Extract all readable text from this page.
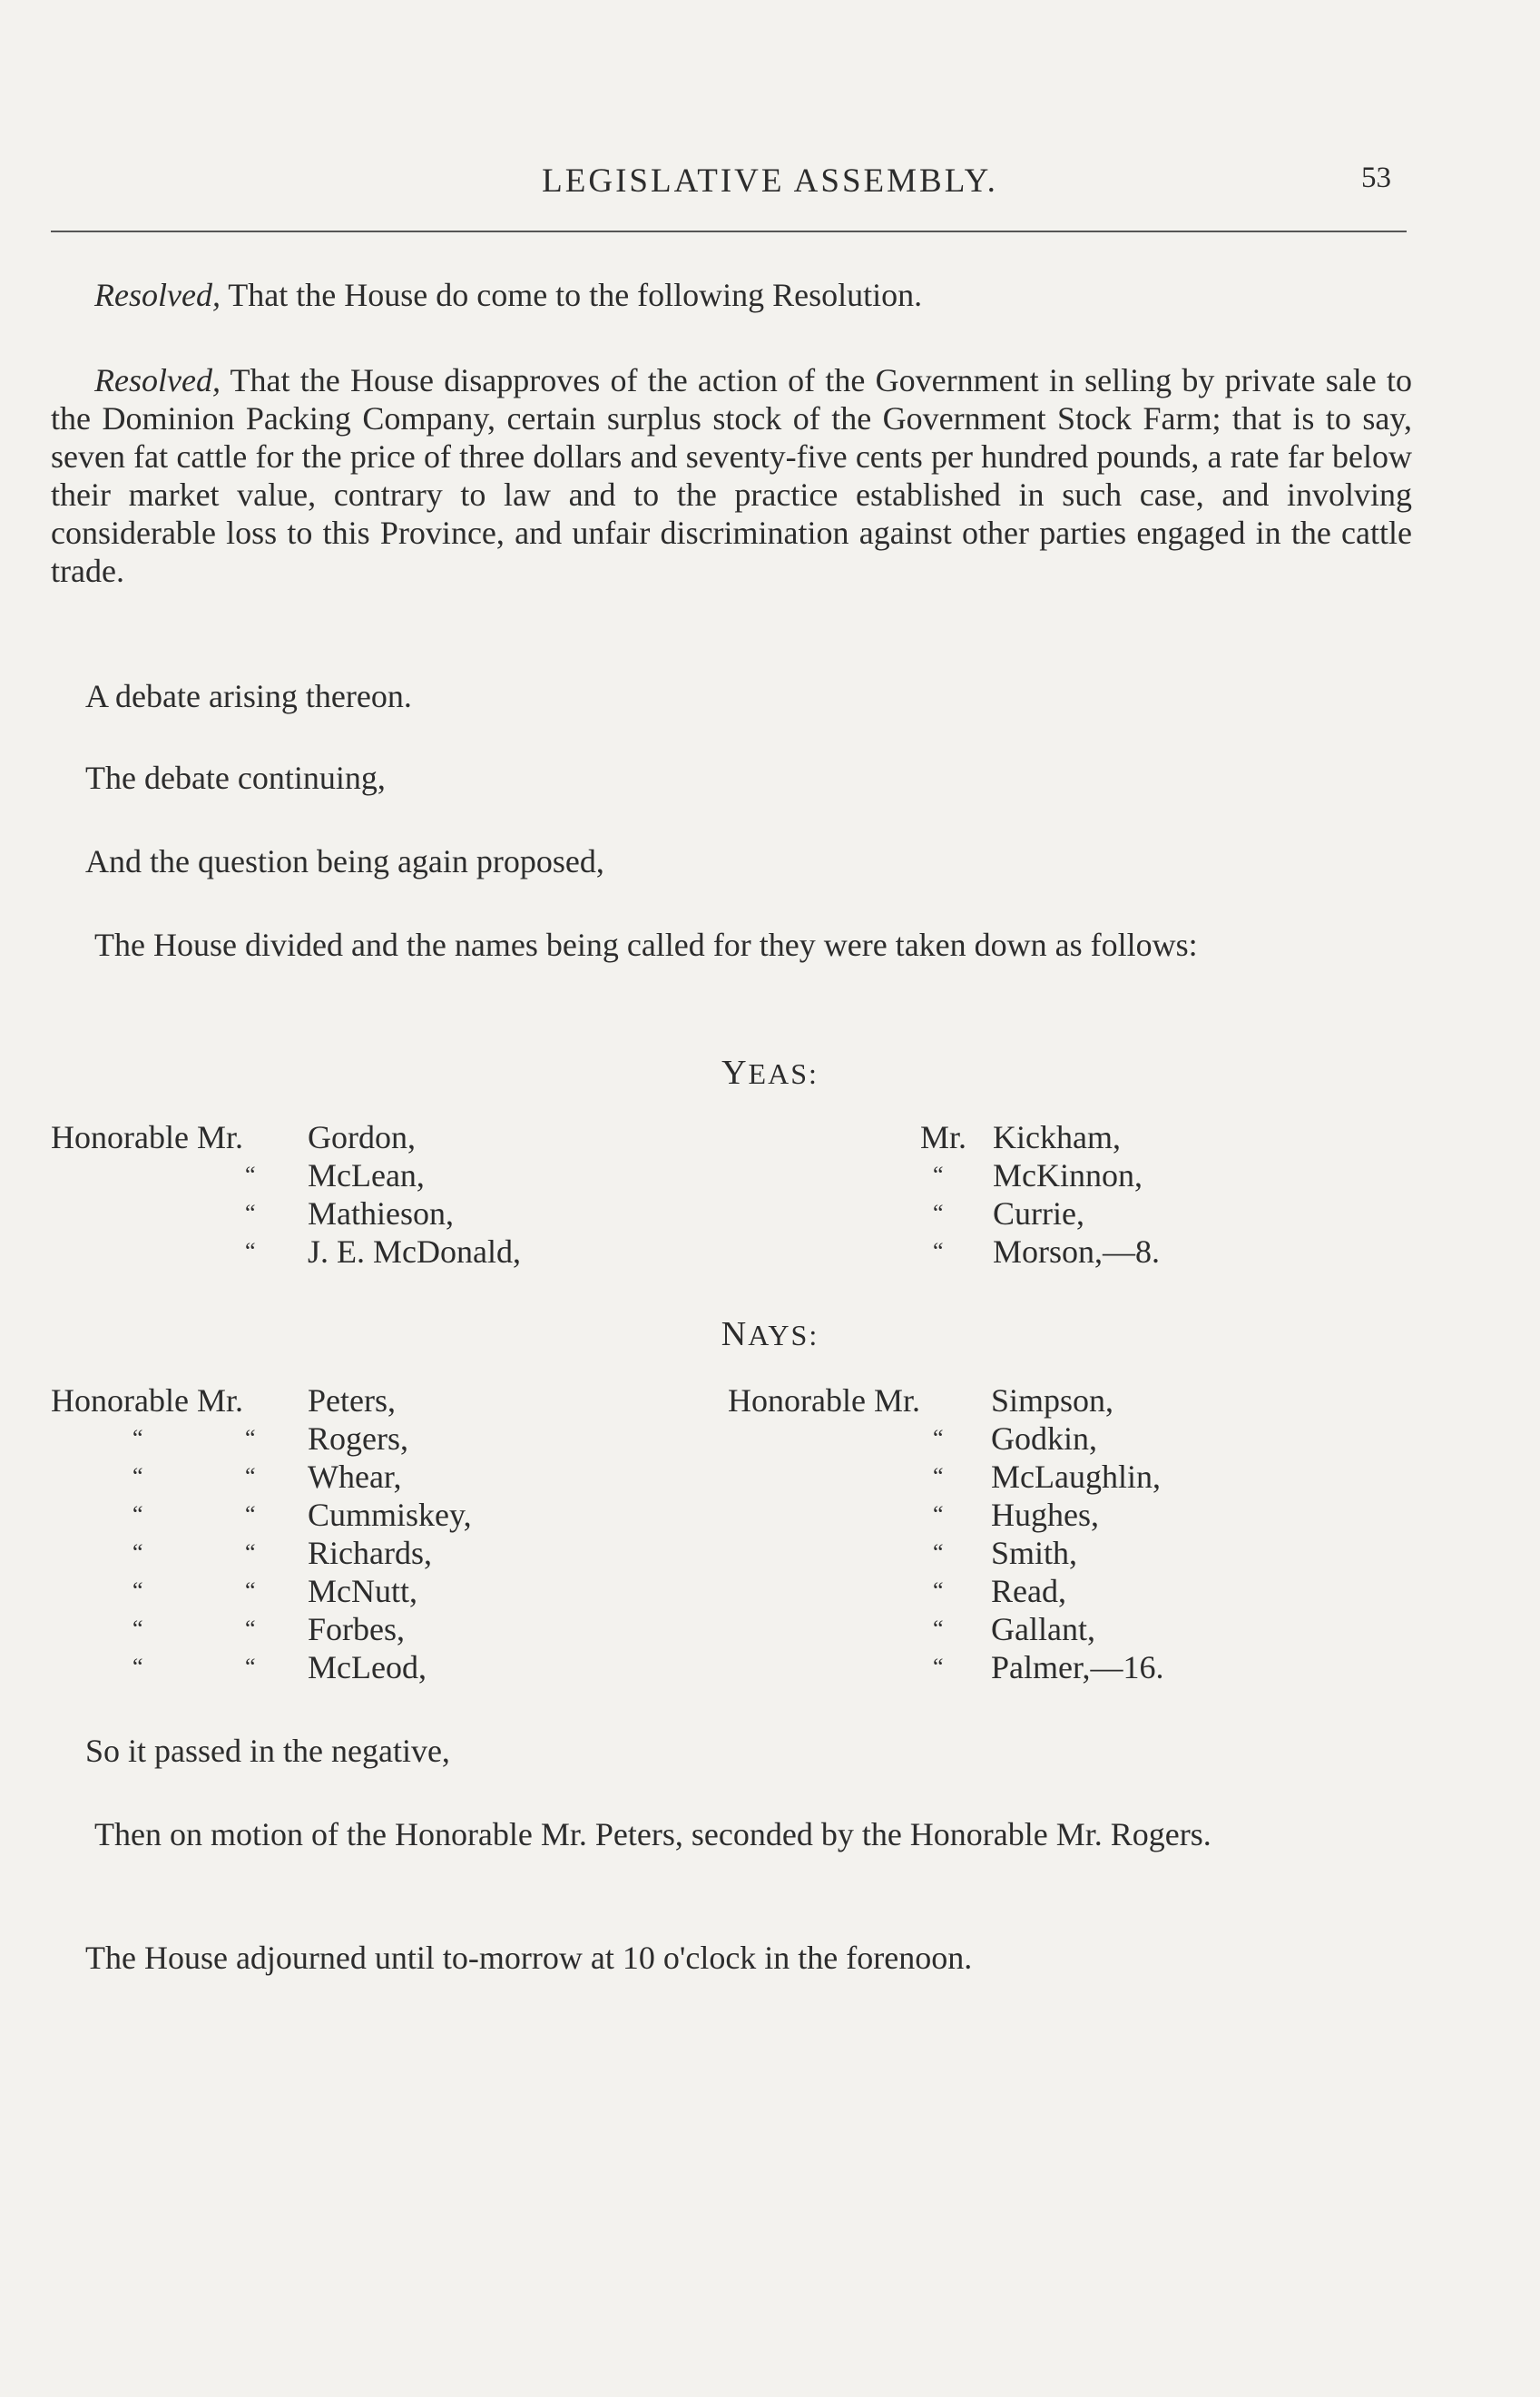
LEGISLATIVE ASSEMBLY.	53
Resolved, That the House do come to the following Resolution.
Resolved, That the House disapproves of the action of the Government in selling by private sale to the Dominion Packing Company, certain surplus stock of the Government Stock Farm; that is to say, seven fat cattle for the price of three dollars and seventy-five cents per hundred pounds, a rate far below their market value, contrary to law and to the practice established in such case, and involving considerable loss to this Province, and unfair discrimination against other parties engaged in the cattle trade.
A debate arising thereon.
The debate continuing,
And the question being again proposed,
The House divided and the names being called for they were taken down as follows:
YEAS:
Honorable Mr. Gordon,	Mr. Kickham,
“ McLean,	“ McKinnon,
“ Mathieson,	“ Currie,
“ J. E. McDonald,	“ Morson,—8.
NAYS:
Honorable Mr. Peters,	Honorable Mr. Simpson,
“	“ Rogers,	“ Godkin,
“	“ Whear,	“ McLaughlin,
“	“ Cummiskey,	“ Hughes,
“	“ Richards,	“ Smith,
“	“ McNutt,	“ Read,
“	“ Forbes,	“ Gallant,
“	“ McLeod,	“ Palmer,—16.
So it passed in the negative,
Then on motion of the Honorable Mr. Peters, seconded by the Honorable Mr. Rogers.
The House adjourned until to-morrow at 10 o'clock in the forenoon.
